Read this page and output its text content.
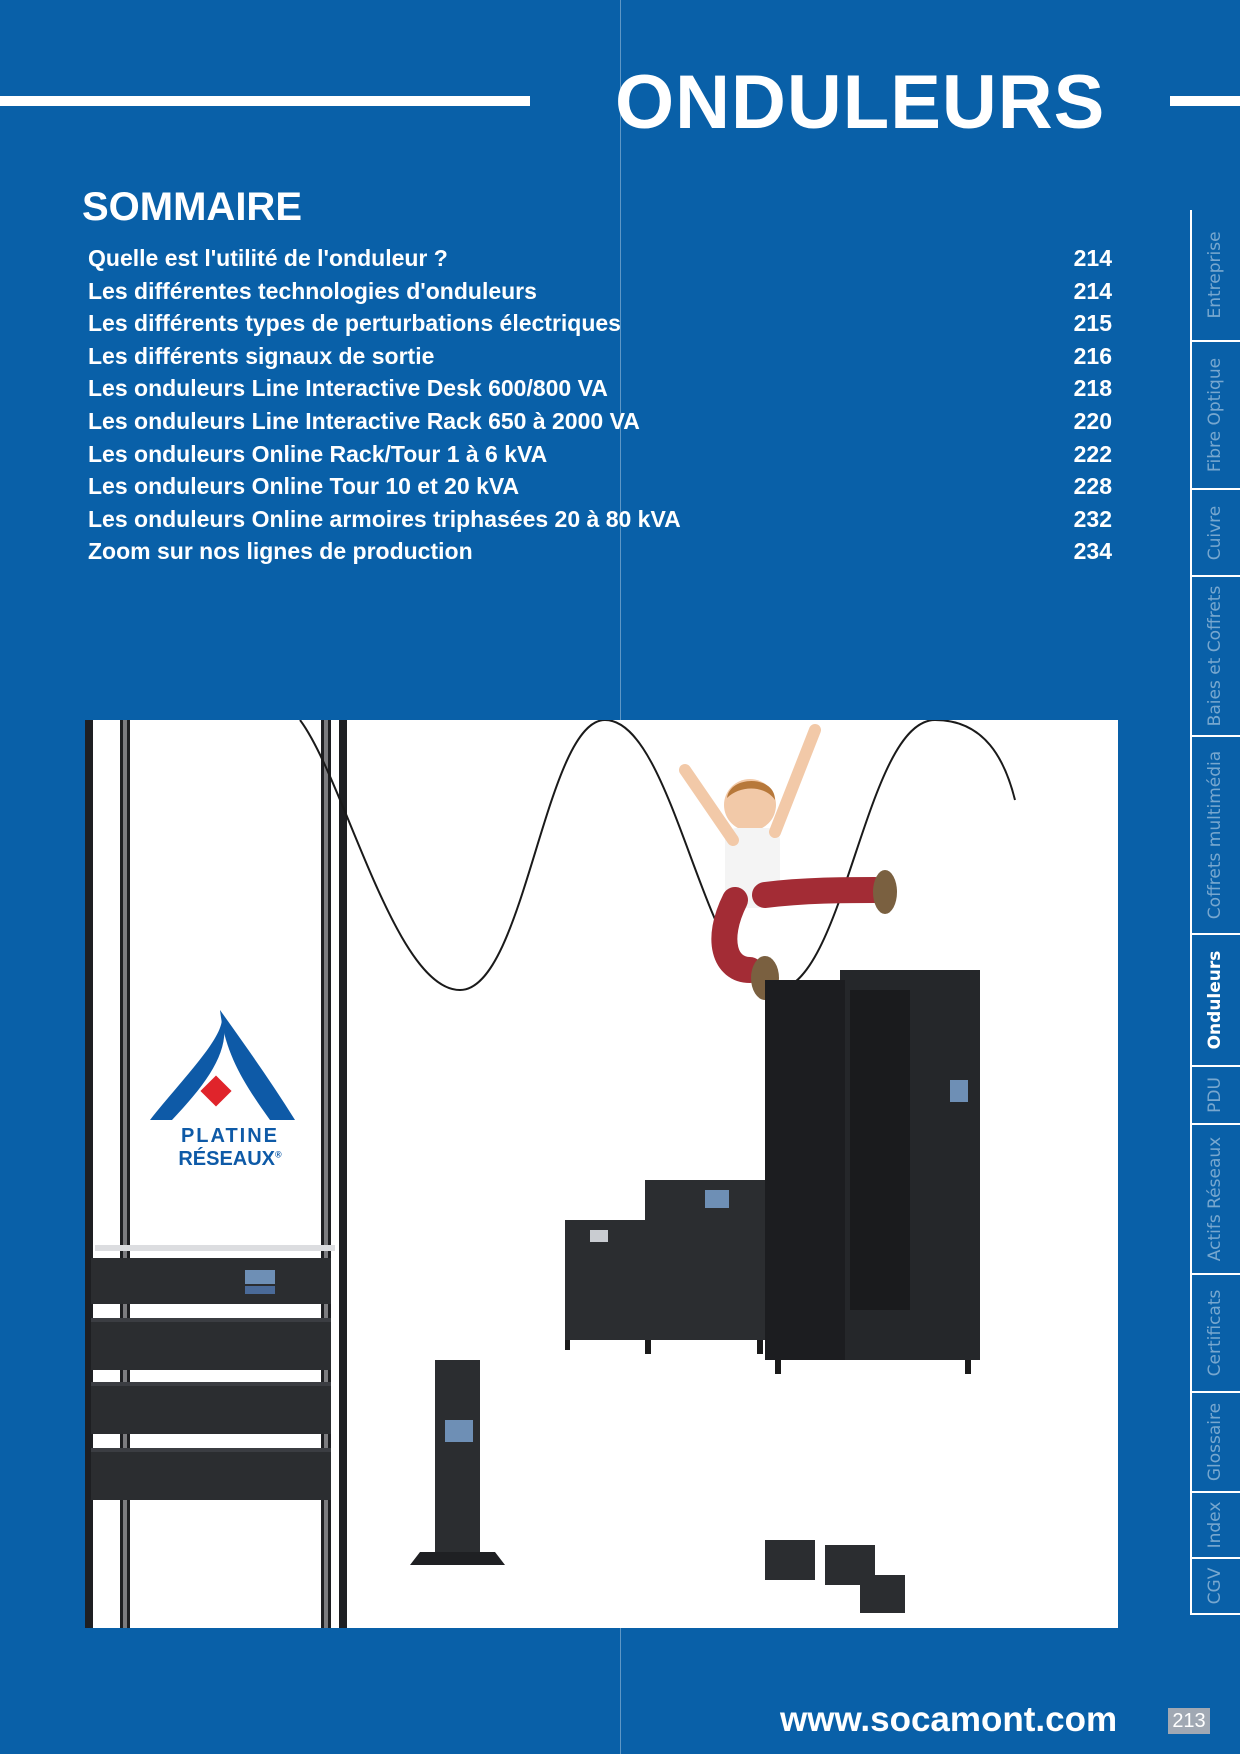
ONDULEURS
SOMMAIRE
Quelle est l'utilité de l'onduleur ?	214
Les différentes technologies d'onduleurs	214
Les différents types de perturbations électriques	215
Les différents signaux de sortie	216
Les onduleurs Line Interactive Desk 600/800 VA	218
Les onduleurs Line Interactive Rack 650 à 2000 VA	220
Les onduleurs Online Rack/Tour 1 à 6 kVA	222
Les onduleurs Online Tour 10 et 20 kVA	228
Les onduleurs Online armoires triphasées 20 à 80 kVA	232
Zoom sur nos lignes de production	234
PLATINE
RÉSEAUX®
Entreprise
Fibre Optique
Cuivre
Baies et Coffrets
Coffrets multimédia
Onduleurs
PDU
Actifs Réseaux
Certificats
Glossaire
Index
CGV
www.socamont.com	213
